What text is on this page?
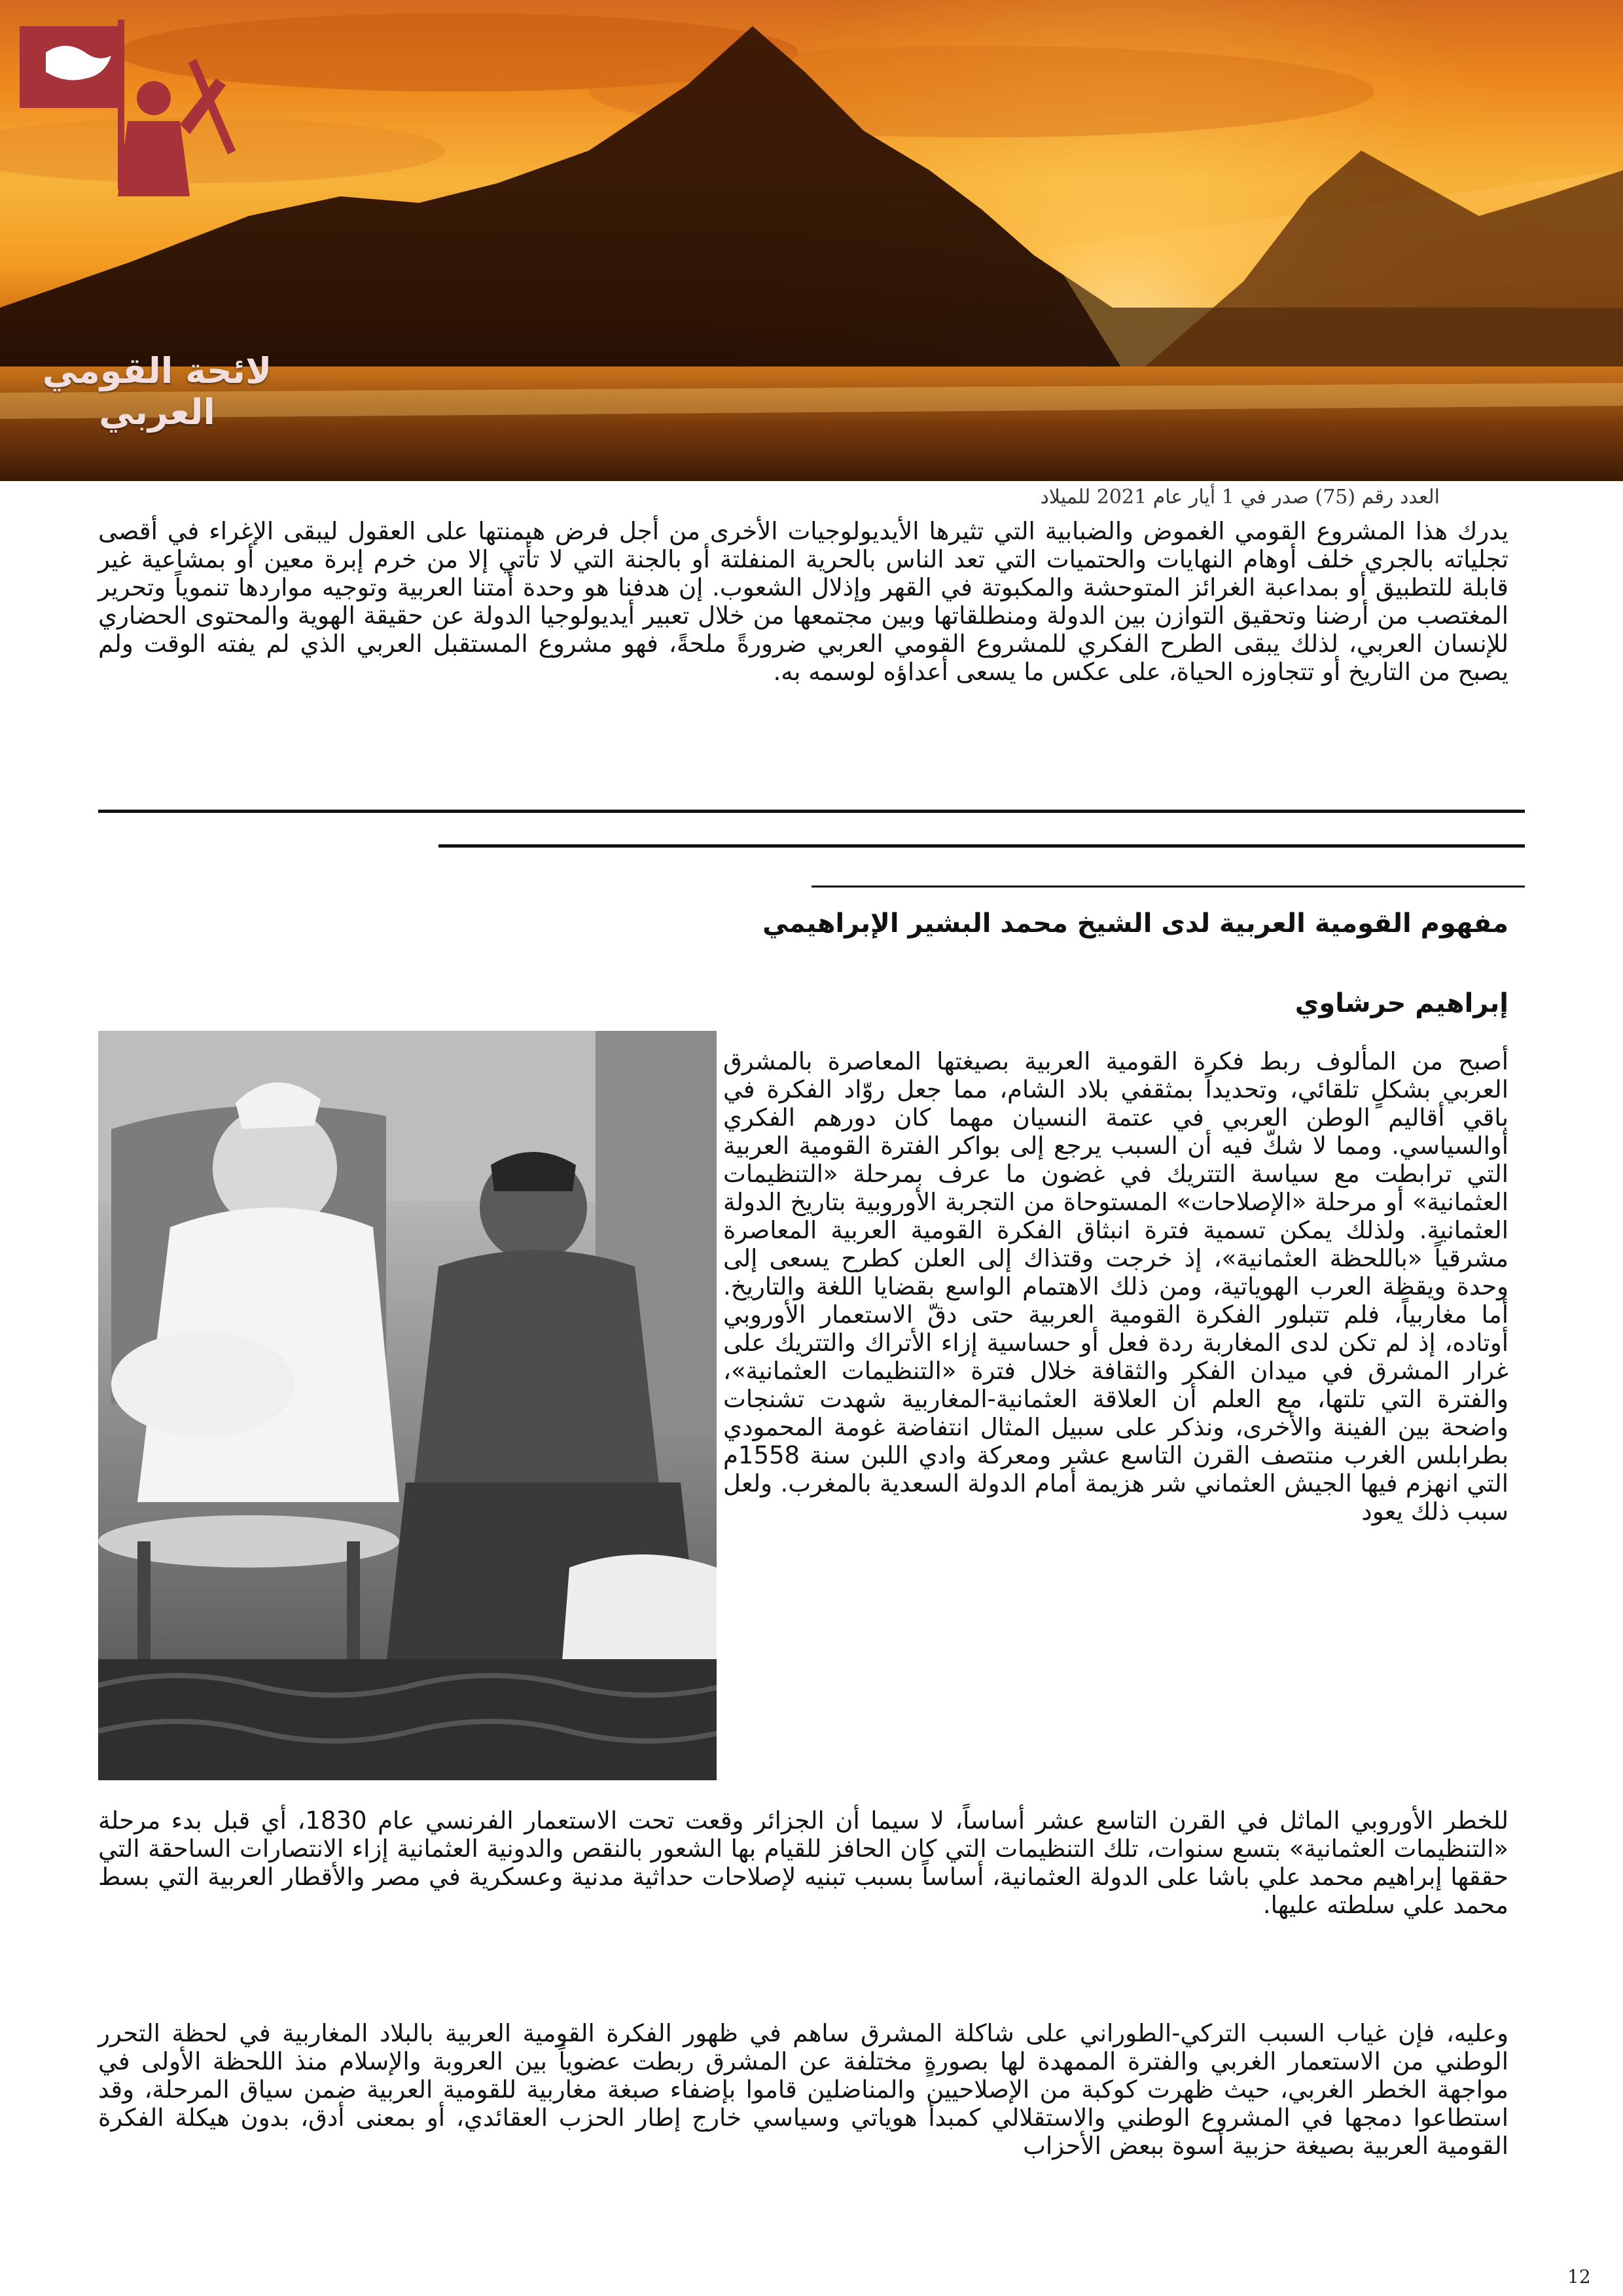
لائحة القومي العربي
العدد رقم (75) صدر في 1 أيار عام 2021 للميلاد
يدرك هذا المشروع القومي الغموض والضبابية التي تثيرها الأيديولوجيات الأخرى من أجل فرض هيمنتها على العقول ليبقى الإغراء في أقصى تجلياته بالجري خلف أوهام النهايات والحتميات التي تعد الناس بالحرية المنفلتة أو بالجنة التي لا تأتي إلا من خرم إبرة معين أو بمشاعية غير قابلة للتطبيق أو بمداعبة الغرائز المتوحشة والمكبوتة في القهر وإذلال الشعوب. إن هدفنا هو وحدة أمتنا العربية وتوجيه مواردها تنموياً وتحرير المغتصب من أرضنا وتحقيق التوازن بين الدولة ومنطلقاتها وبين مجتمعها من خلال تعبير أيديولوجيا الدولة عن حقيقة الهوية والمحتوى الحضاري للإنسان العربي، لذلك يبقى الطرح الفكري للمشروع القومي العربي ضرورةً ملحةً، فهو مشروع المستقبل العربي الذي لم يفته الوقت ولم يصبح من التاريخ أو تتجاوزه الحياة، على عكس ما يسعى أعداؤه لوسمه به.
مفهوم القومية العربية لدى الشيخ محمد البشير الإبراهيمي
إبراهيم حرشاوي
أصبح من المألوف ربط فكرة القومية العربية بصيغتها المعاصرة بالمشرق العربي بشكلٍ تلقائي، وتحديداً بمثقفي بلاد الشام، مما جعل روّاد الفكرة في باقي أقاليم الوطن العربي في عتمة النسيان مهما كان دورهم الفكري أوالسياسي. ومما لا شكّ فيه أن السبب يرجع إلى بواكر الفترة القومية العربية التي ترابطت مع سياسة التتريك في غضون ما عرف بمرحلة «التنظيمات العثمانية» أو مرحلة «الإصلاحات» المستوحاة من التجربة الأوروبية بتاريخ الدولة العثمانية. ولذلك يمكن تسمية فترة انبثاق الفكرة القومية العربية المعاصرة مشرقياً «باللحظة العثمانية»، إذ خرجت وقتذاك إلى العلن كطرح يسعى إلى وحدة ويقظة العرب الهوياتية، ومن ذلك الاهتمام الواسع بقضايا اللغة والتاريخ. أما مغاربياً، فلم تتبلور الفكرة القومية العربية حتى دقّ الاستعمار الأوروبي أوتاده، إذ لم تكن لدى المغاربة ردة فعل أو حساسية إزاء الأتراك والتتريك على غرار المشرق في ميدان الفكر والثقافة خلال فترة «التنظيمات العثمانية»، والفترة التي تلتها، مع العلم أن العلاقة العثمانية-المغاربية شهدت تشنجات واضحة بين الفينة والأخرى، ونذكر على سبيل المثال انتفاضة غومة المحمودي بطرابلس الغرب منتصف القرن التاسع عشر ومعركة وادي اللبن سنة 1558م التي انهزم فيها الجيش العثماني شر هزيمة أمام الدولة السعدية بالمغرب. ولعل سبب ذلك يعود
للخطر الأوروبي الماثل في القرن التاسع عشر أساساً، لا سيما أن الجزائر وقعت تحت الاستعمار الفرنسي عام 1830، أي قبل بدء مرحلة «التنظيمات العثمانية» بتسع سنوات، تلك التنظيمات التي كان الحافز للقيام بها الشعور بالنقص والدونية العثمانية إزاء الانتصارات الساحقة التي حققها إبراهيم محمد علي باشا على الدولة العثمانية، أساساً بسبب تبنيه لإصلاحات حداثية مدنية وعسكرية في مصر والأقطار العربية التي بسط محمد علي سلطته عليها.
وعليه، فإن غياب السبب التركي-الطوراني على شاكلة المشرق ساهم في ظهور الفكرة القومية العربية بالبلاد المغاربية في لحظة التحرر الوطني من الاستعمار الغربي والفترة الممهدة لها بصورةٍ مختلفة عن المشرق ربطت عضوياً بين العروبة والإسلام منذ اللحظة الأولى في مواجهة الخطر الغربي، حيث ظهرت كوكبة من الإصلاحيين والمناضلين قاموا بإضفاء صبغة مغاربية للقومية العربية ضمن سياق المرحلة، وقد استطاعوا دمجها في المشروع الوطني والاستقلالي كمبدأ هوياتي وسياسي خارج إطار الحزب العقائدي، أو بمعنى أدق، بدون هيكلة الفكرة القومية العربية بصيغة حزبية أسوة ببعض الأحزاب
12
